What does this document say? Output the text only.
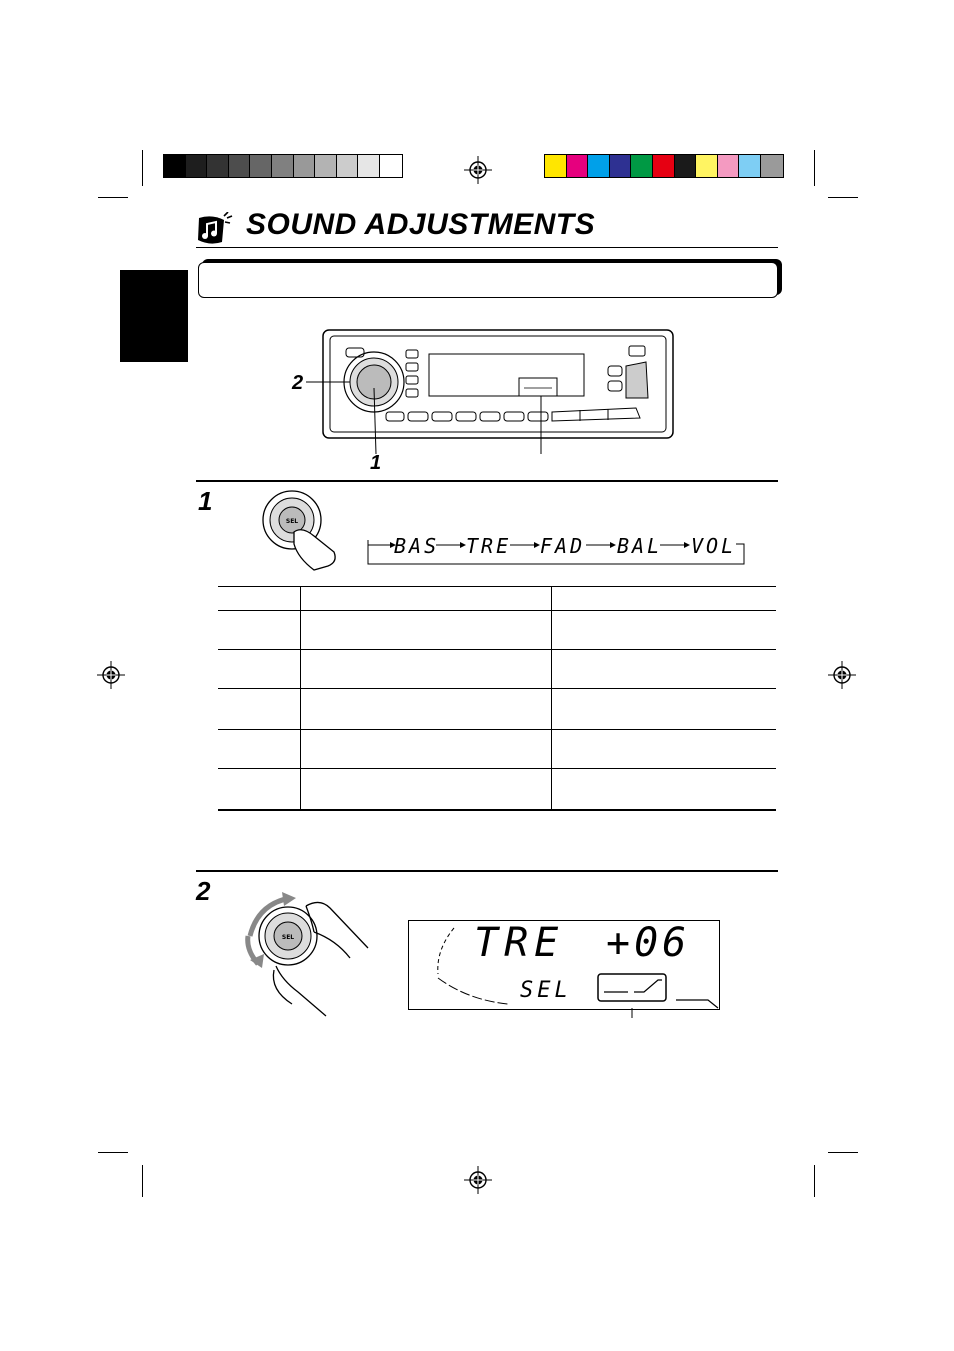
SOUND ADJUSTMENTS
2
1
1
SEL
BAS TRE FAD BAL VOL

2
SEL	TRE +06
SEL
